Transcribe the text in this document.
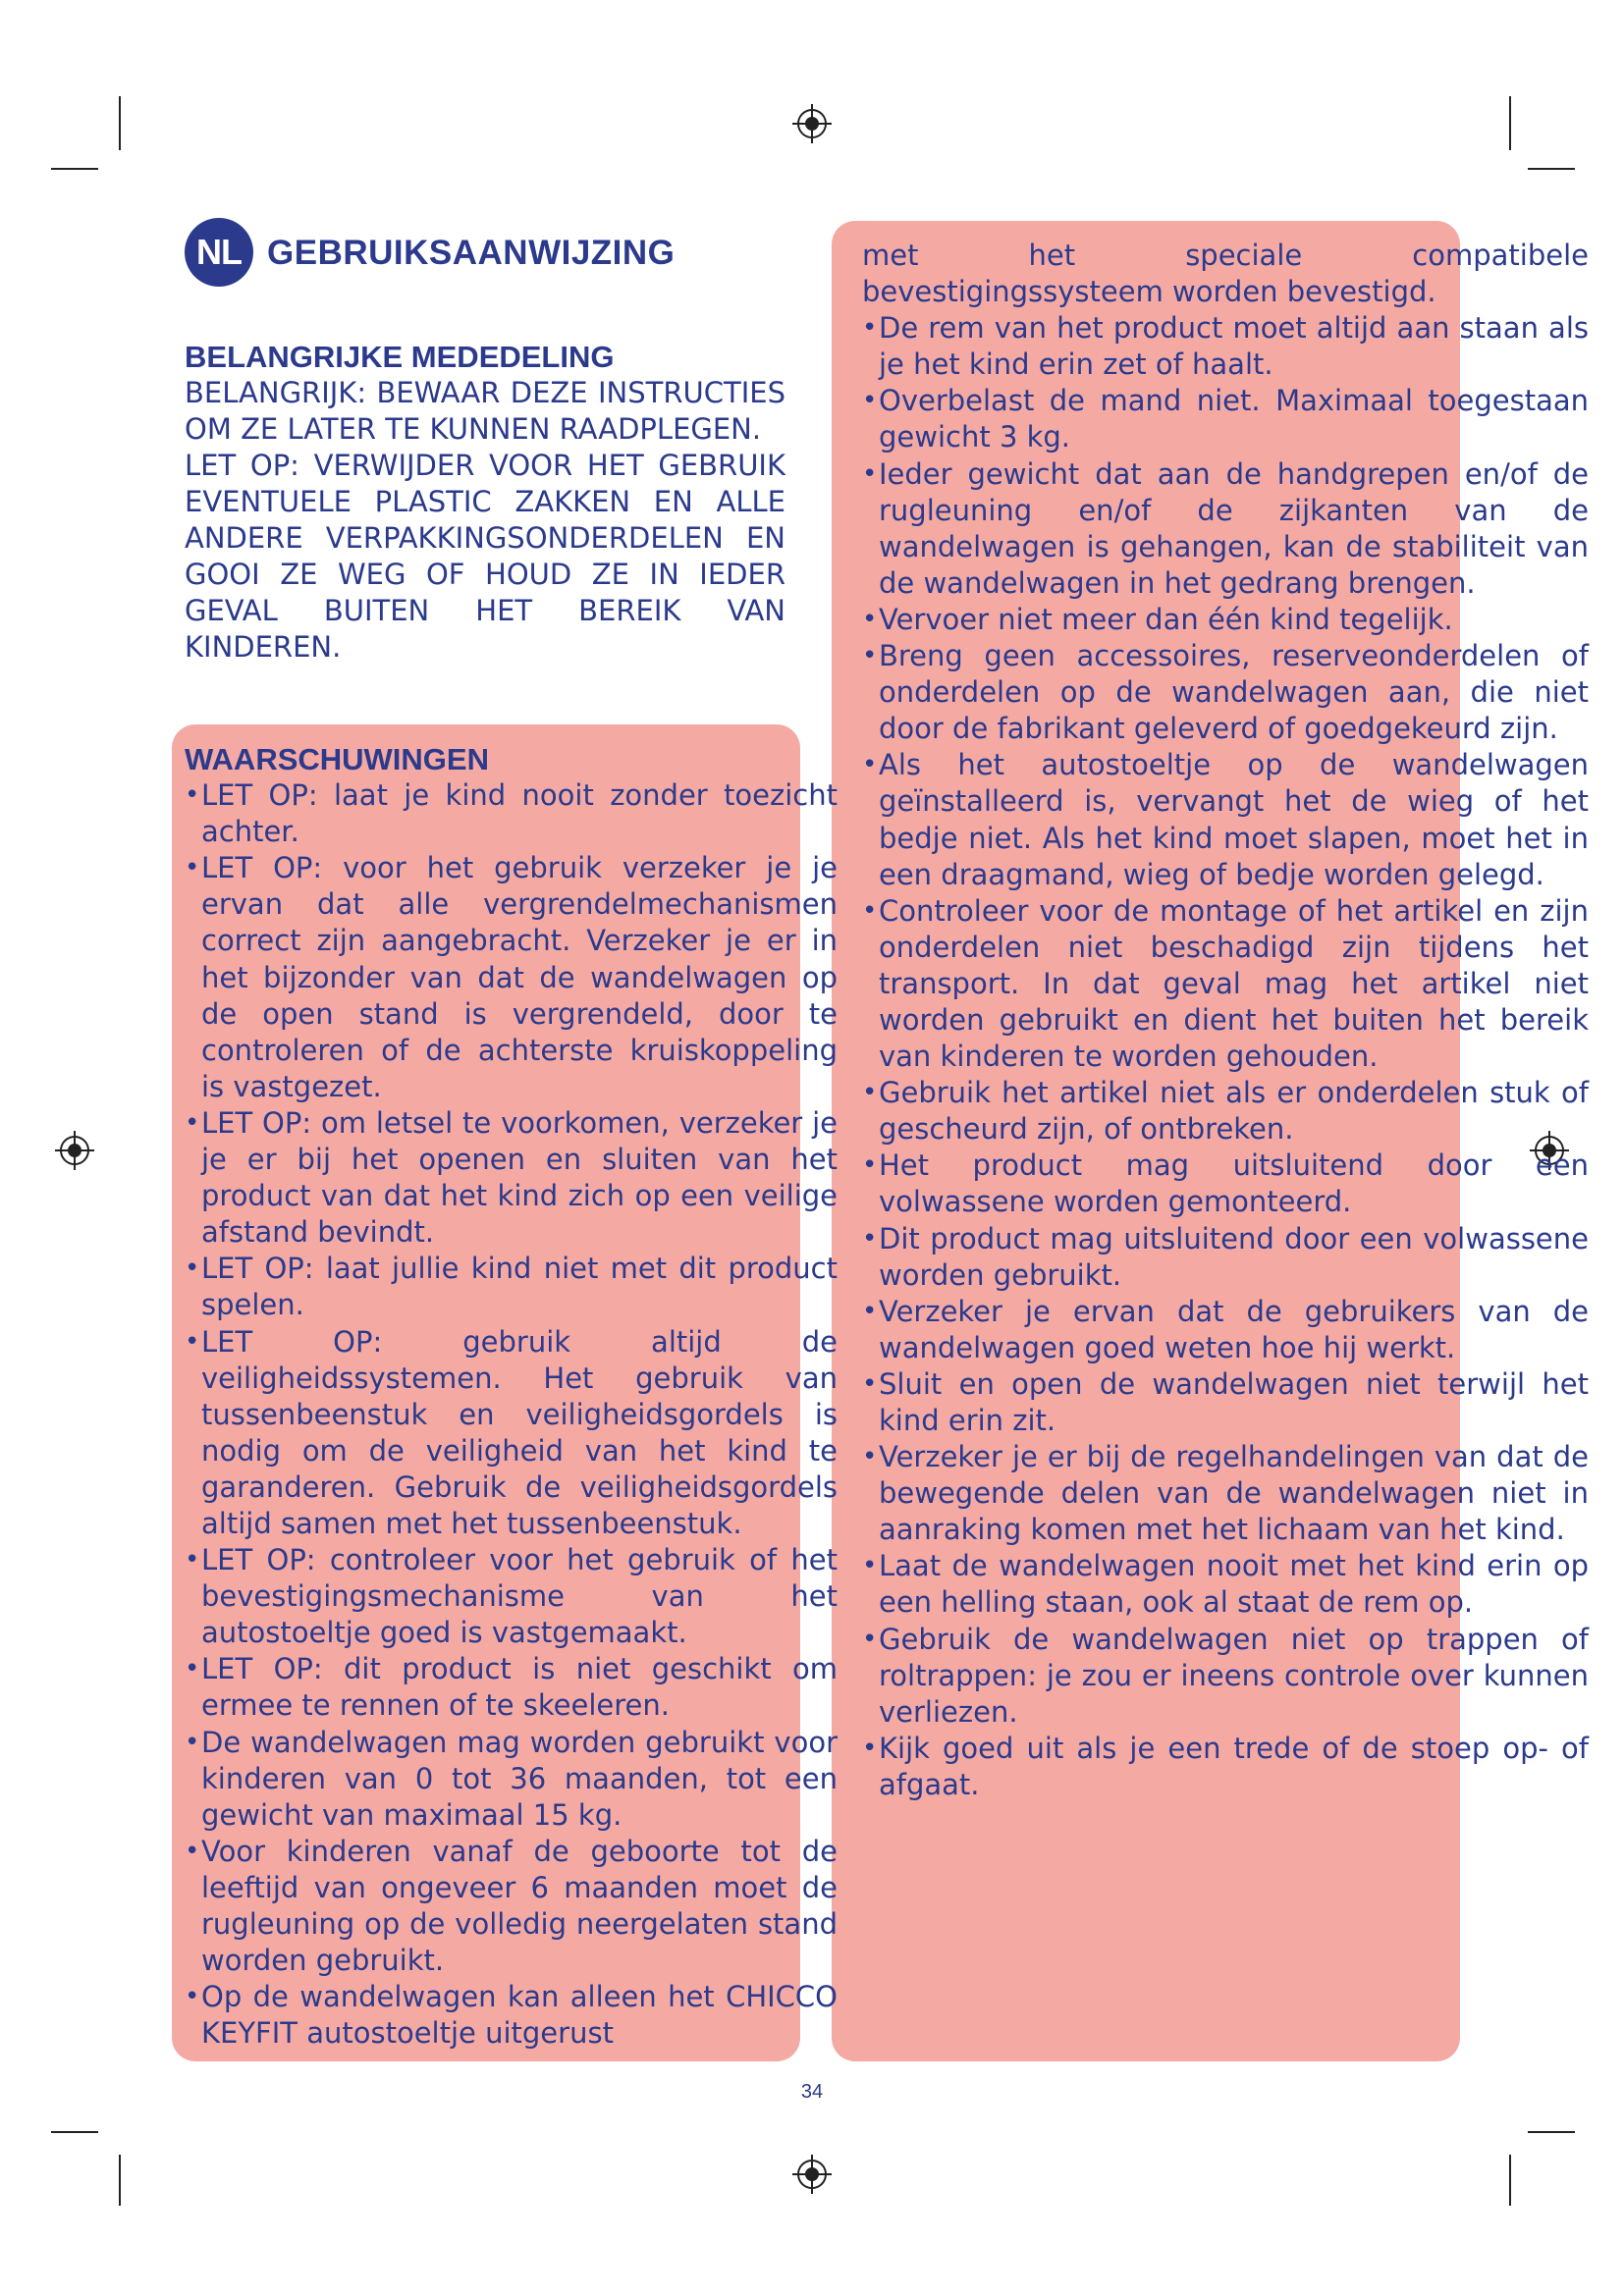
NL GEBRUIKSAANWIJZING

BELANGRIJKE MEDEDELING

BELANGRIJK: BEWAAR DEZE INSTRUCTIES OM ZE LATER TE KUNNEN RAADPLEGEN.

LET OP: VERWIJDER VOOR HET GEBRUIK EVENTUELE PLASTIC ZAKKEN EN ALLE ANDERE VERPAKKINGSONDERDELEN EN GOOI ZE WEG OF HOUD ZE IN IEDER GEVAL BUITEN HET BEREIK VAN KINDEREN.

WAARSCHUWINGEN
• LET OP: laat je kind nooit zonder toezicht achter.
• LET OP: voor het gebruik verzeker je je ervan dat alle vergrendelmechanismen correct zijn aangebracht. Verzeker je er in het bijzonder van dat de wandelwagen op de open stand is vergrendeld, door te controleren of de achterste kruiskoppeling is vastgezet.
• LET OP: om letsel te voorkomen, verzeker je je er bij het openen en sluiten van het product van dat het kind zich op een veilige afstand bevindt.
• LET OP: laat jullie kind niet met dit product spelen.
• LET OP: gebruik altijd de veiligheidssystemen. Het gebruik van tussenbeenstuk en veiligheidsgordels is nodig om de veiligheid van het kind te garanderen. Gebruik de veiligheidsgordels altijd samen met het tussenbeenstuk.
• LET OP: controleer voor het gebruik of het bevestigingsmechanisme van het autostoeltje goed is vastgemaakt.
• LET OP: dit product is niet geschikt om ermee te rennen of te skeeleren.
• De wandelwagen mag worden gebruikt voor kinderen van 0 tot 36 maanden, tot een gewicht van maximaal 15 kg.
• Voor kinderen vanaf de geboorte tot de leeftijd van ongeveer 6 maanden moet de rugleuning op de volledig neergelaten stand worden gebruikt.
• Op de wandelwagen kan alleen het CHICCO KEYFIT autostoeltje uitgerust
met het speciale compatibele bevestigingssysteem worden bevestigd.
• De rem van het product moet altijd aan staan als je het kind erin zet of haalt.
• Overbelast de mand niet. Maximaal toegestaan gewicht 3 kg.
• Ieder gewicht dat aan de handgrepen en/of de rugleuning en/of de zijkanten van de wandelwagen is gehangen, kan de stabiliteit van de wandelwagen in het gedrang brengen.
• Vervoer niet meer dan één kind tegelijk.
• Breng geen accessoires, reserveonderdelen of onderdelen op de wandelwagen aan, die niet door de fabrikant geleverd of goedgekeurd zijn.
• Als het autostoeltje op de wandelwagen geïnstalleerd is, vervangt het de wieg of het bedje niet. Als het kind moet slapen, moet het in een draagmand, wieg of bedje worden gelegd.
• Controleer voor de montage of het artikel en zijn onderdelen niet beschadigd zijn tijdens het transport. In dat geval mag het artikel niet worden gebruikt en dient het buiten het bereik van kinderen te worden gehouden.
• Gebruik het artikel niet als er onderdelen stuk of gescheurd zijn, of ontbreken.
• Het product mag uitsluitend door een volwassene worden gemonteerd.
• Dit product mag uitsluitend door een volwassene worden gebruikt.
• Verzeker je ervan dat de gebruikers van de wandelwagen goed weten hoe hij werkt.
• Sluit en open de wandelwagen niet terwijl het kind erin zit.
• Verzeker je er bij de regelhandelingen van dat de bewegende delen van de wandelwagen niet in aanraking komen met het lichaam van het kind.
• Laat de wandelwagen nooit met het kind erin op een helling staan, ook al staat de rem op.
• Gebruik de wandelwagen niet op trappen of roltrappen: je zou er ineens controle over kunnen verliezen.
• Kijk goed uit als je een trede of de stoep op- of afgaat.
34
